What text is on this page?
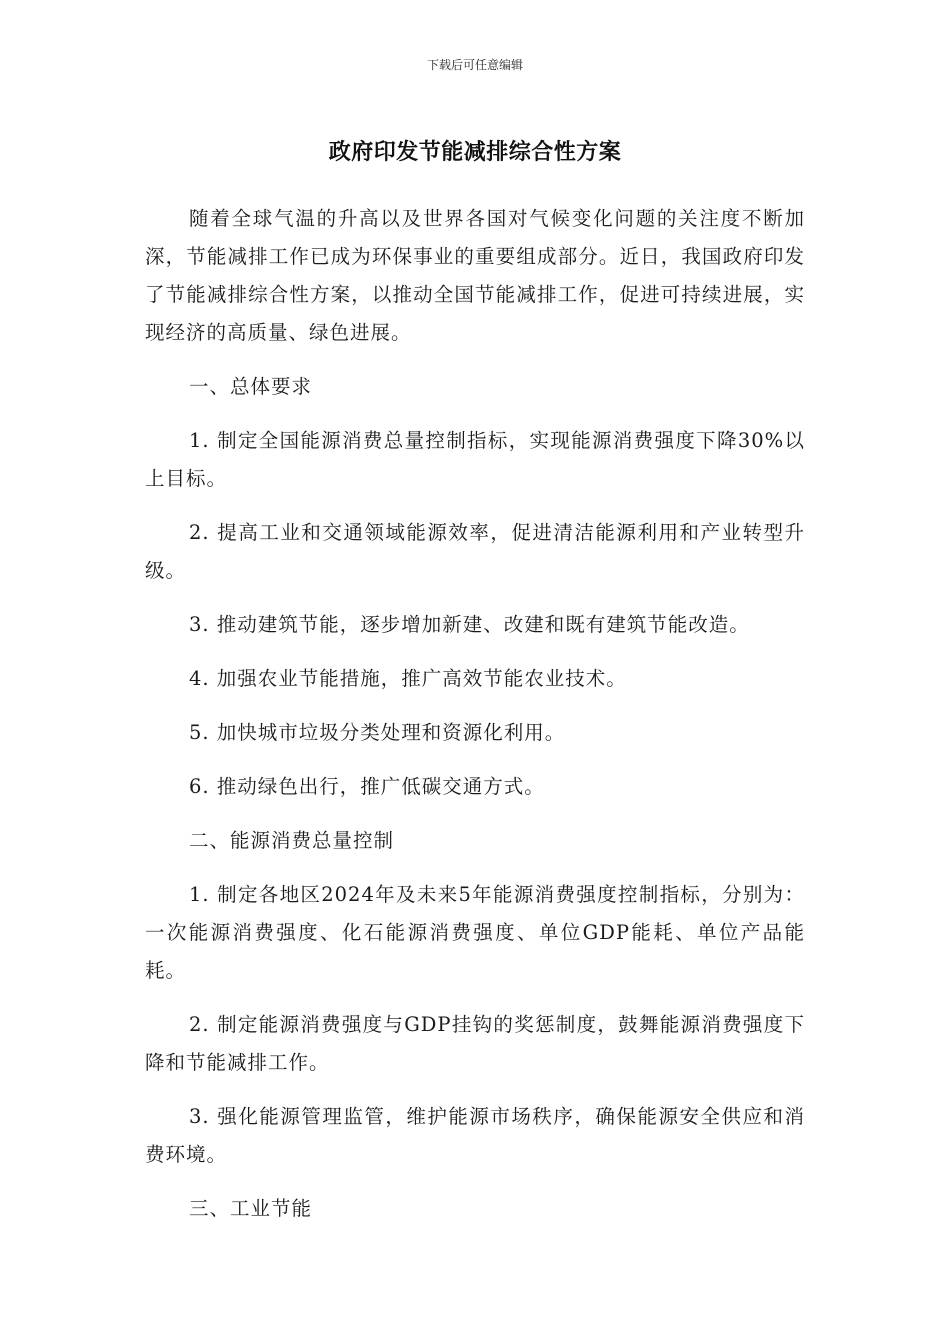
下载后可任意编辑
政府印发节能减排综合性方案

随着全球气温的升高以及世界各国对气候变化问题的关注度不断加深，节能减排工作已成为环保事业的重要组成部分。近日，我国政府印发了节能减排综合性方案，以推动全国节能减排工作，促进可持续进展，实现经济的高质量、绿色进展。

一、总体要求

1. 制定全国能源消费总量控制指标，实现能源消费强度下降30%以上目标。

2. 提高工业和交通领域能源效率，促进清洁能源利用和产业转型升级。

3. 推动建筑节能，逐步增加新建、改建和既有建筑节能改造。

4. 加强农业节能措施，推广高效节能农业技术。

5. 加快城市垃圾分类处理和资源化利用。

6. 推动绿色出行，推广低碳交通方式。

二、能源消费总量控制

1. 制定各地区2024年及未来5年能源消费强度控制指标，分别为：一次能源消费强度、化石能源消费强度、单位GDP能耗、单位产品能耗。

2. 制定能源消费强度与GDP挂钩的奖惩制度，鼓舞能源消费强度下降和节能减排工作。

3. 强化能源管理监管，维护能源市场秩序，确保能源安全供应和消费环境。

三、工业节能
